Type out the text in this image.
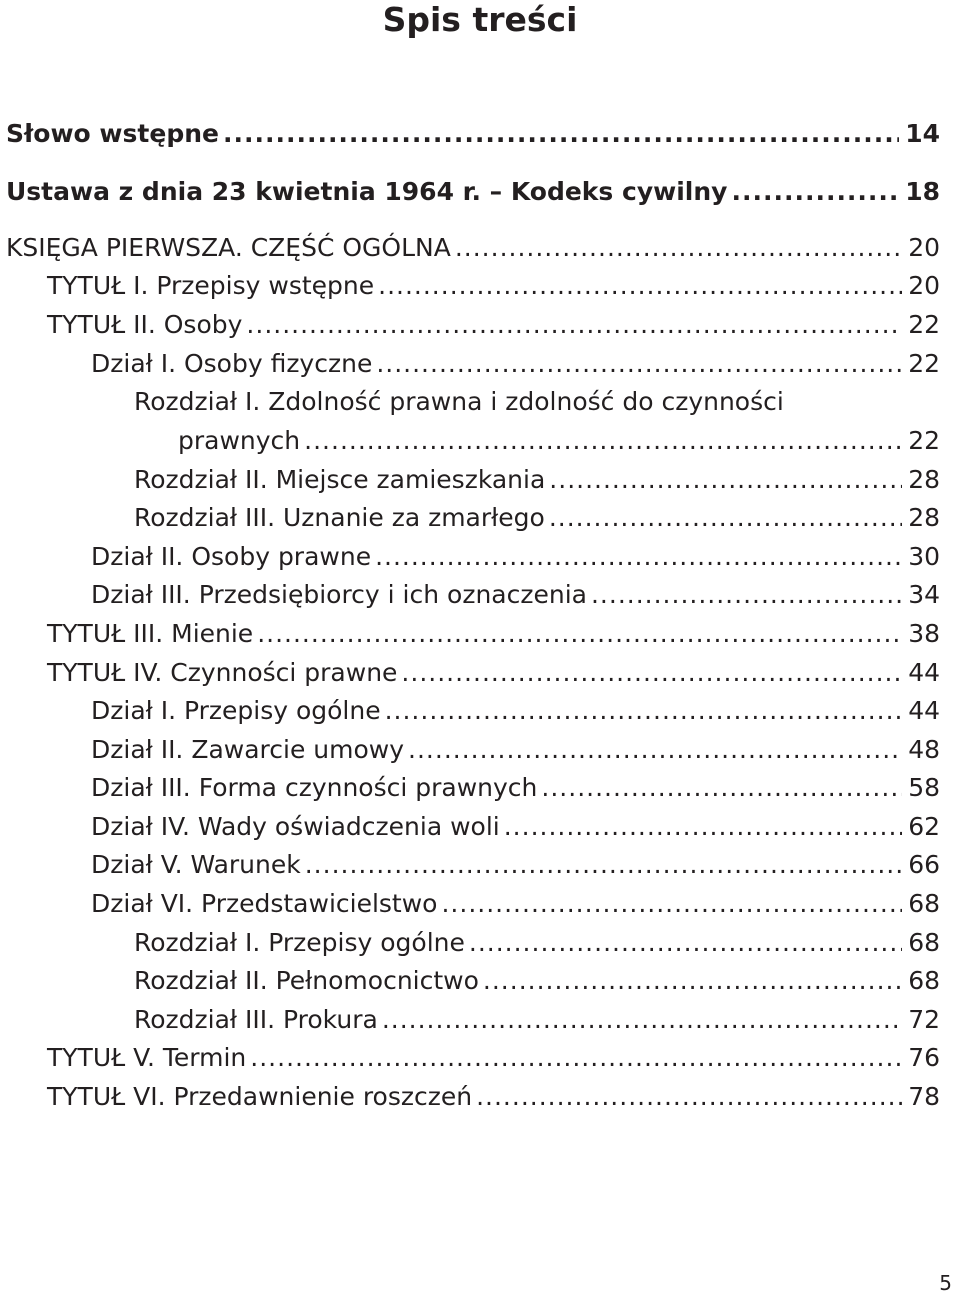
Spis treści
Słowo wstępne .....	14
Ustawa z dnia 23 kwietnia 1964 r. – Kodeks cywilny .....	18
KSIĘGA PIERWSZA. CZĘŚĆ OGÓLNA .....	20
TYTUŁ I. Przepisy wstępne .....	20
TYTUŁ II. Osoby .....	22
Dział I. Osoby fizyczne .....	22
Rozdział I. Zdolność prawna i zdolność do czynności
prawnych .....	22
Rozdział II. Miejsce zamieszkania .....	28
Rozdział III. Uznanie za zmarłego .....	28
Dział II. Osoby prawne .....	30
Dział III. Przedsiębiorcy i ich oznaczenia .....	34
TYTUŁ III. Mienie .....	38
TYTUŁ IV. Czynności prawne .....	44
Dział I. Przepisy ogólne .....	44
Dział II. Zawarcie umowy .....	48
Dział III. Forma czynności prawnych .....	58
Dział IV. Wady oświadczenia woli .....	62
Dział V. Warunek .....	66
Dział VI. Przedstawicielstwo .....	68
Rozdział I. Przepisy ogólne .....	68
Rozdział II. Pełnomocnictwo .....	68
Rozdział III. Prokura .....	72
TYTUŁ V. Termin .....	76
TYTUŁ VI. Przedawnienie roszczeń .....	78
5
